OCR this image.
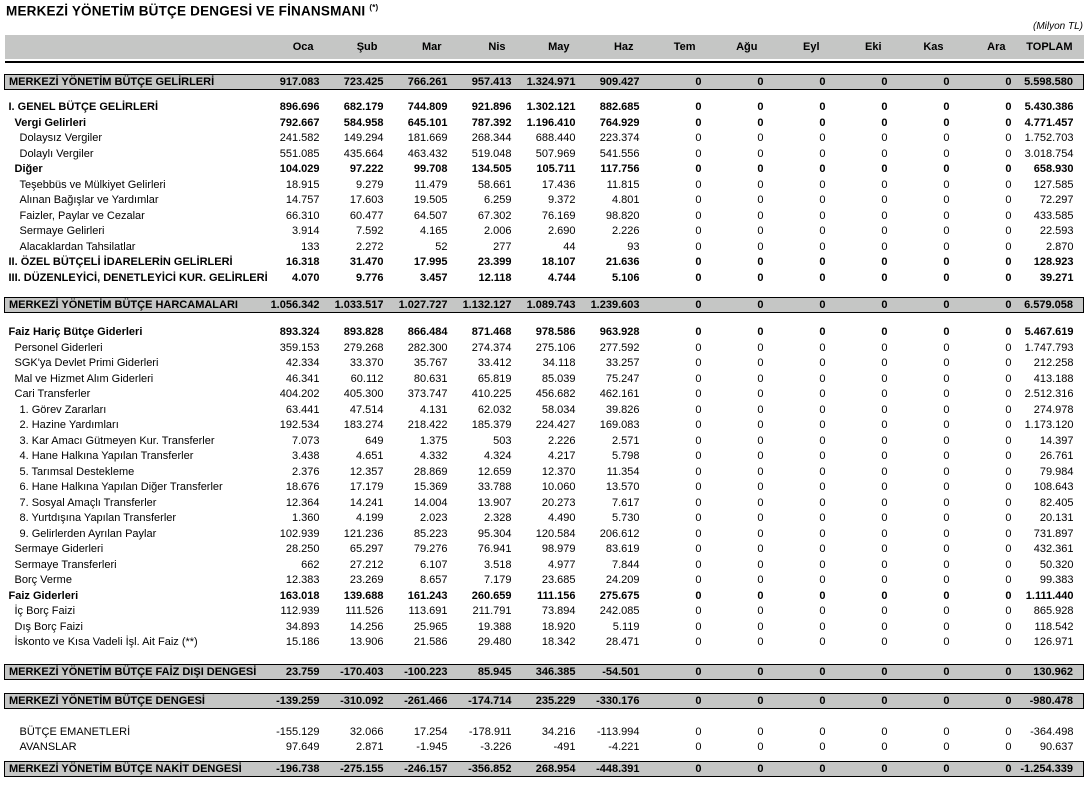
MERKEZİ YÖNETİM BÜTÇE DENGESİ VE FİNANSMANI (*)
(Milyon TL)
	Oca	Şub	Mar	Nis	May	Haz	Tem	Ağu	Eyl	Eki	Kas	Ara	TOPLAM

MERKEZİ YÖNETİM BÜTÇE GELİRLERİ	917.083	723.425	766.261	957.413	1.324.971	909.427	0	0	0	0	0	0	5.598.580

I. GENEL BÜTÇE GELİRLERİ	896.696	682.179	744.809	921.896	1.302.121	882.685	0	0	0	0	0	0	5.430.386
Vergi Gelirleri	792.667	584.958	645.101	787.392	1.196.410	764.929	0	0	0	0	0	0	4.771.457
Dolaysız Vergiler	241.582	149.294	181.669	268.344	688.440	223.374	0	0	0	0	0	0	1.752.703
Dolaylı Vergiler	551.085	435.664	463.432	519.048	507.969	541.556	0	0	0	0	0	0	3.018.754
Diğer	104.029	97.222	99.708	134.505	105.711	117.756	0	0	0	0	0	0	658.930
Teşebbüs ve Mülkiyet Gelirleri	18.915	9.279	11.479	58.661	17.436	11.815	0	0	0	0	0	0	127.585
Alınan Bağışlar ve Yardımlar	14.757	17.603	19.505	6.259	9.372	4.801	0	0	0	0	0	0	72.297
Faizler, Paylar ve Cezalar	66.310	60.477	64.507	67.302	76.169	98.820	0	0	0	0	0	0	433.585
Sermaye Gelirleri	3.914	7.592	4.165	2.006	2.690	2.226	0	0	0	0	0	0	22.593
Alacaklardan Tahsilatlar	133	2.272	52	277	44	93	0	0	0	0	0	0	2.870
II. ÖZEL BÜTÇELİ İDARELERİN GELİRLERİ	16.318	31.470	17.995	23.399	18.107	21.636	0	0	0	0	0	0	128.923
III. DÜZENLEYİCİ, DENETLEYİCİ KUR. GELİRLERİ	4.070	9.776	3.457	12.118	4.744	5.106	0	0	0	0	0	0	39.271

MERKEZİ YÖNETİM BÜTÇE HARCAMALARI	1.056.342	1.033.517	1.027.727	1.132.127	1.089.743	1.239.603	0	0	0	0	0	0	6.579.058

Faiz Hariç Bütçe Giderleri	893.324	893.828	866.484	871.468	978.586	963.928	0	0	0	0	0	0	5.467.619
Personel Giderleri	359.153	279.268	282.300	274.374	275.106	277.592	0	0	0	0	0	0	1.747.793
SGK'ya Devlet Primi Giderleri	42.334	33.370	35.767	33.412	34.118	33.257	0	0	0	0	0	0	212.258
Mal ve Hizmet Alım Giderleri	46.341	60.112	80.631	65.819	85.039	75.247	0	0	0	0	0	0	413.188
Cari Transferler	404.202	405.300	373.747	410.225	456.682	462.161	0	0	0	0	0	0	2.512.316
1. Görev Zararları	63.441	47.514	4.131	62.032	58.034	39.826	0	0	0	0	0	0	274.978
2. Hazine Yardımları	192.534	183.274	218.422	185.379	224.427	169.083	0	0	0	0	0	0	1.173.120
3. Kar Amacı Gütmeyen Kur. Transferler	7.073	649	1.375	503	2.226	2.571	0	0	0	0	0	0	14.397
4. Hane Halkına Yapılan Transferler	3.438	4.651	4.332	4.324	4.217	5.798	0	0	0	0	0	0	26.761
5. Tarımsal Destekleme	2.376	12.357	28.869	12.659	12.370	11.354	0	0	0	0	0	0	79.984
6. Hane Halkına Yapılan Diğer Transferler	18.676	17.179	15.369	33.788	10.060	13.570	0	0	0	0	0	0	108.643
7. Sosyal Amaçlı Transferler	12.364	14.241	14.004	13.907	20.273	7.617	0	0	0	0	0	0	82.405
8. Yurtdışına Yapılan Transferler	1.360	4.199	2.023	2.328	4.490	5.730	0	0	0	0	0	0	20.131
9. Gelirlerden Ayrılan Paylar	102.939	121.236	85.223	95.304	120.584	206.612	0	0	0	0	0	0	731.897
Sermaye Giderleri	28.250	65.297	79.276	76.941	98.979	83.619	0	0	0	0	0	0	432.361
Sermaye Transferleri	662	27.212	6.107	3.518	4.977	7.844	0	0	0	0	0	0	50.320
Borç Verme	12.383	23.269	8.657	7.179	23.685	24.209	0	0	0	0	0	0	99.383
Faiz Giderleri	163.018	139.688	161.243	260.659	111.156	275.675	0	0	0	0	0	0	1.111.440
İç Borç Faizi	112.939	111.526	113.691	211.791	73.894	242.085	0	0	0	0	0	0	865.928
Dış Borç Faizi	34.893	14.256	25.965	19.388	18.920	5.119	0	0	0	0	0	0	118.542
İskonto ve Kısa Vadeli İşl. Ait Faiz (**)	15.186	13.906	21.586	29.480	18.342	28.471	0	0	0	0	0	0	126.971

MERKEZİ YÖNETİM BÜTÇE FAİZ DIŞI DENGESİ	23.759	-170.403	-100.223	85.945	346.385	-54.501	0	0	0	0	0	0	130.962

MERKEZİ YÖNETİM BÜTÇE DENGESİ	-139.259	-310.092	-261.466	-174.714	235.229	-330.176	0	0	0	0	0	0	-980.478

BÜTÇE EMANETLERİ	-155.129	32.066	17.254	-178.911	34.216	-113.994	0	0	0	0	0	0	-364.498
AVANSLAR	97.649	2.871	-1.945	-3.226	-491	-4.221	0	0	0	0	0	0	90.637

MERKEZİ YÖNETİM BÜTÇE NAKİT DENGESİ	-196.738	-275.155	-246.157	-356.852	268.954	-448.391	0	0	0	0	0	0	-1.254.339
